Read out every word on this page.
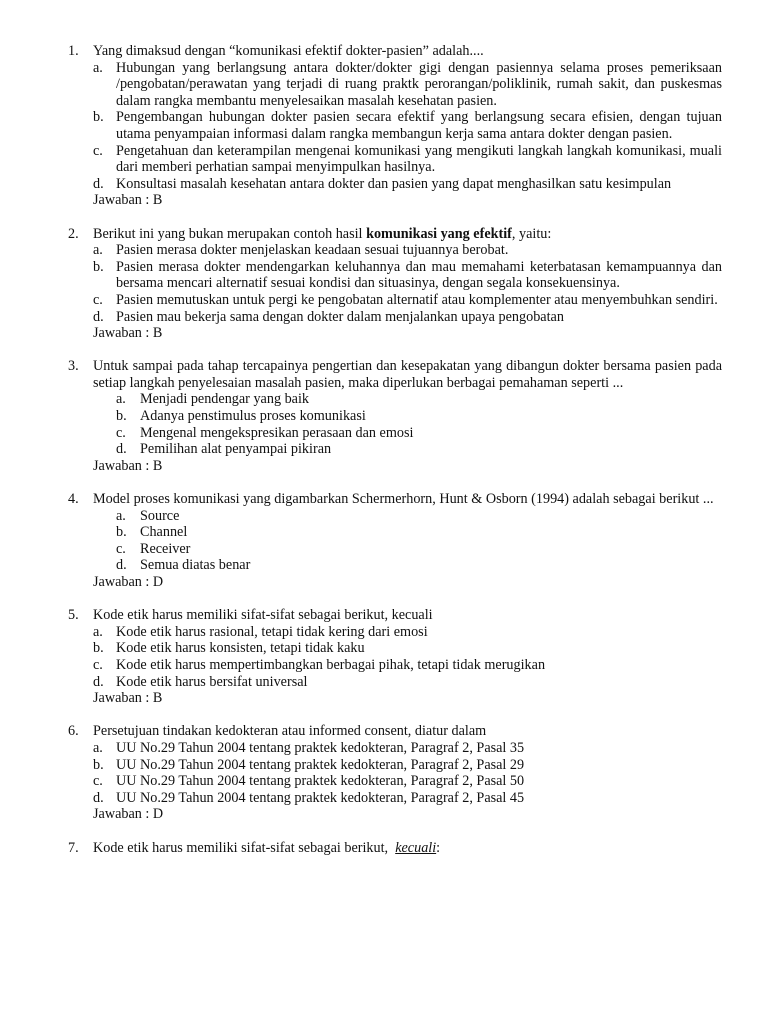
1. Yang dimaksud dengan “komunikasi efektif dokter-pasien” adalah....
a. Hubungan yang berlangsung antara dokter/dokter gigi dengan pasiennya selama proses pemeriksaan /pengobatan/perawatan yang terjadi di ruang praktk perorangan/poliklinik, rumah sakit, dan puskesmas dalam rangka membantu menyelesaikan masalah kesehatan pasien.
b. Pengembangan hubungan dokter pasien secara efektif yang berlangsung secara efisien, dengan tujuan utama penyampaian informasi dalam rangka membangun kerja sama antara dokter dengan pasien.
c. Pengetahuan dan keterampilan mengenai komunikasi yang mengikuti langkah langkah komunikasi, muali dari memberi perhatian sampai menyimpulkan hasilnya.
d. Konsultasi masalah kesehatan antara dokter dan pasien yang dapat menghasilkan satu kesimpulan
Jawaban : B
2. Berikut ini yang bukan merupakan contoh hasil komunikasi yang efektif, yaitu:
a. Pasien merasa dokter menjelaskan keadaan sesuai tujuannya berobat.
b. Pasien merasa dokter mendengarkan keluhannya dan mau memahami keterbatasan kemampuannya dan bersama mencari alternatif sesuai kondisi dan situasinya, dengan segala konsekuensinya.
c. Pasien memutuskan untuk pergi ke pengobatan alternatif atau komplementer atau menyembuhkan sendiri.
d. Pasien mau bekerja sama dengan dokter dalam menjalankan upaya pengobatan
Jawaban : B
3. Untuk sampai pada tahap tercapainya pengertian dan kesepakatan yang dibangun dokter bersama pasien pada setiap langkah penyelesaian masalah pasien, maka diperlukan berbagai pemahaman seperti ...
a. Menjadi pendengar yang baik
b. Adanya penstimulus proses komunikasi
c. Mengenal mengekspresikan perasaan dan emosi
d. Pemilihan alat penyampai pikiran
Jawaban : B
4. Model proses komunikasi yang digambarkan Schermerhorn, Hunt & Osborn (1994) adalah sebagai berikut ...
a. Source
b. Channel
c. Receiver
d. Semua diatas benar
Jawaban : D
5. Kode etik harus memiliki sifat-sifat sebagai berikut, kecuali
a. Kode etik harus rasional, tetapi tidak kering dari emosi
b. Kode etik harus konsisten, tetapi tidak kaku
c. Kode etik harus mempertimbangkan berbagai pihak, tetapi tidak merugikan
d. Kode etik harus bersifat universal
Jawaban : B
6. Persetujuan tindakan kedokteran atau informed consent, diatur dalam
a. UU No.29 Tahun 2004 tentang praktek kedokteran, Paragraf 2, Pasal 35
b. UU No.29 Tahun 2004 tentang praktek kedokteran, Paragraf 2, Pasal 29
c. UU No.29 Tahun 2004 tentang praktek kedokteran, Paragraf 2, Pasal 50
d. UU No.29 Tahun 2004 tentang praktek kedokteran, Paragraf 2, Pasal 45
Jawaban : D
7. Kode etik harus memiliki sifat-sifat sebagai berikut,  kecuali:
